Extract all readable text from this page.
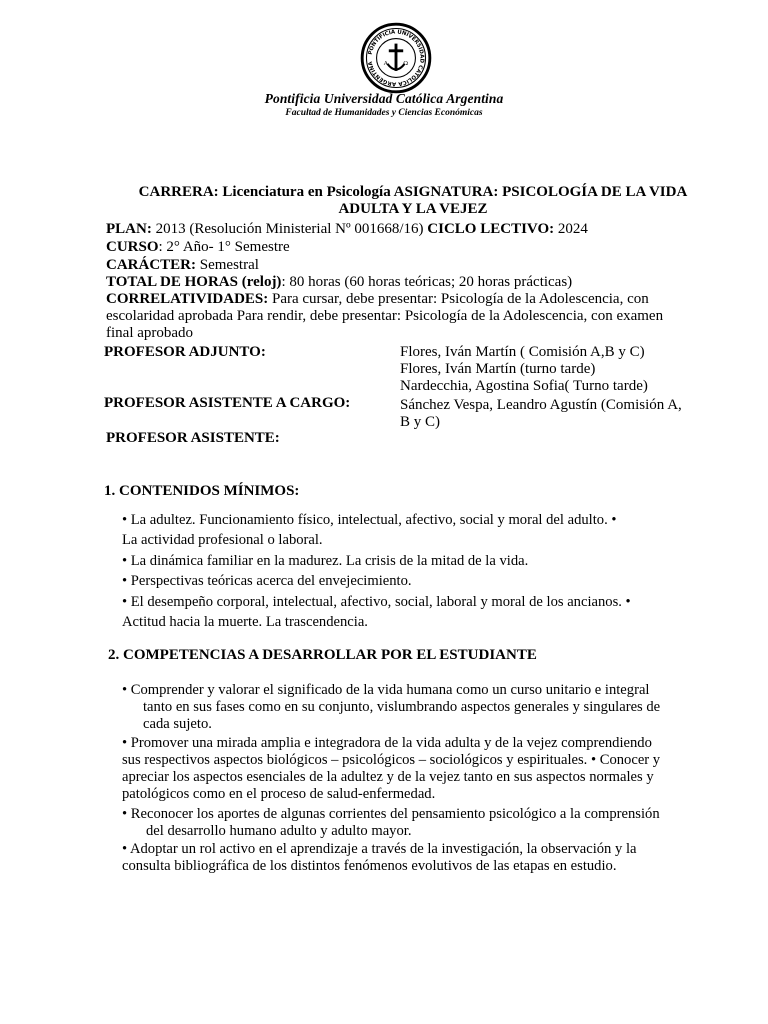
PONTIFICIA UNIVERSIDAD CATOLICA ARGENTINA	A Ω
Pontificia Universidad Católica Argentina
Facultad de Humanidades y Ciencias Económicas
CARRERA: Licenciatura en Psicología ASIGNATURA: PSICOLOGÍA DE LA VIDA
ADULTA Y LA VEJEZ
PLAN: 2013 (Resolución Ministerial Nº 001668/16) CICLO LECTIVO: 2024
CURSO: 2° Año- 1° Semestre
CARÁCTER: Semestral
TOTAL DE HORAS (reloj): 80 horas (60 horas teóricas; 20 horas prácticas)
CORRELATIVIDADES: Para cursar, debe presentar: Psicología de la Adolescencia, con
escolaridad aprobada Para rendir, debe presentar: Psicología de la Adolescencia, con examen
final aprobado
PROFESOR ADJUNTO:	Flores, Iván Martín ( Comisión A,B y C)
Flores, Iván Martín (turno tarde)
Nardecchia, Agostina Sofia( Turno tarde)
PROFESOR ASISTENTE A CARGO:	Sánchez Vespa, Leandro Agustín (Comisión A,
B y C)
PROFESOR ASISTENTE:
1. CONTENIDOS MÍNIMOS:
• La adultez. Funcionamiento físico, intelectual, afectivo, social y moral del adulto. •
La actividad profesional o laboral.
• La dinámica familiar en la madurez. La crisis de la mitad de la vida.
• Perspectivas teóricas acerca del envejecimiento.
• El desempeño corporal, intelectual, afectivo, social, laboral y moral de los ancianos. •
Actitud hacia la muerte. La trascendencia.
2. COMPETENCIAS A DESARROLLAR POR EL ESTUDIANTE
• Comprender y valorar el significado de la vida humana como un curso unitario e integral
tanto en sus fases como en su conjunto, vislumbrando aspectos generales y singulares de
cada sujeto.
• Promover una mirada amplia e integradora de la vida adulta y de la vejez comprendiendo
sus respectivos aspectos biológicos – psicológicos – sociológicos y espirituales. • Conocer y
apreciar los aspectos esenciales de la adultez y de la vejez tanto en sus aspectos normales y
patológicos como en el proceso de salud-enfermedad.
• Reconocer los aportes de algunas corrientes del pensamiento psicológico a la comprensión
del desarrollo humano adulto y adulto mayor.
• Adoptar un rol activo en el aprendizaje a través de la investigación, la observación y la
consulta bibliográfica de los distintos fenómenos evolutivos de las etapas en estudio.
